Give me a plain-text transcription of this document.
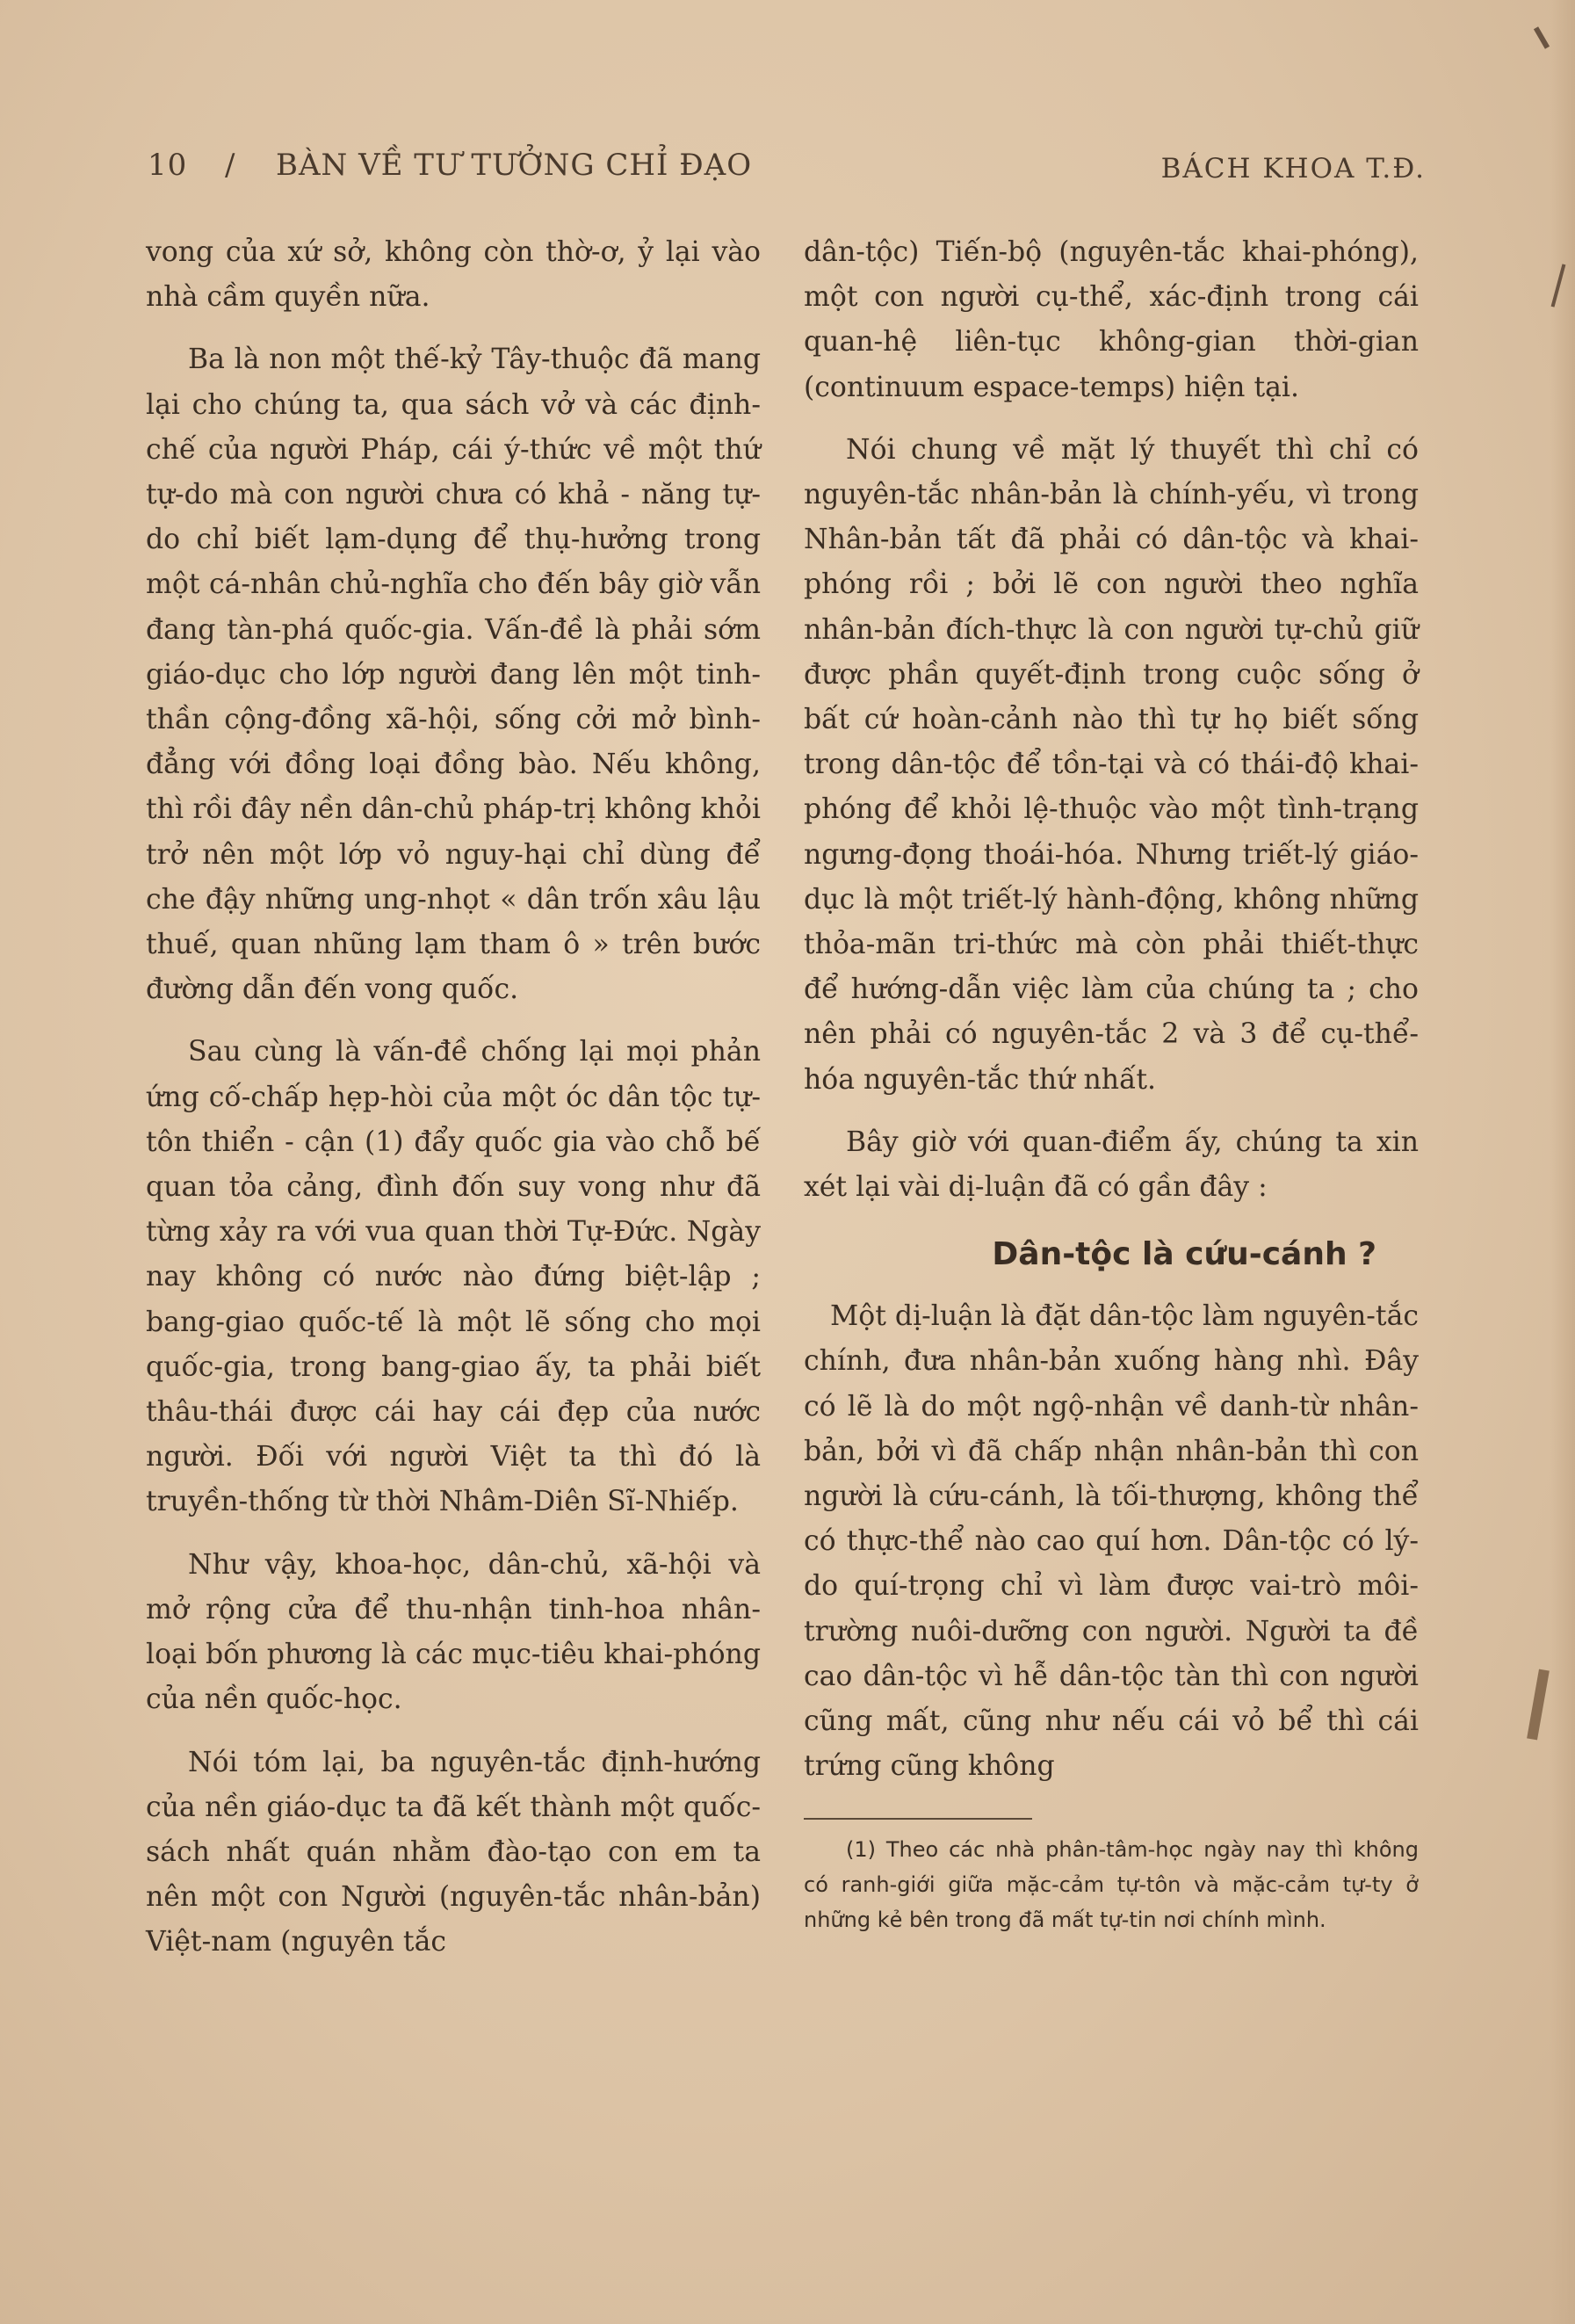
10 / BÀN VỀ TƯ TƯỞNG CHỈ ĐẠO	BÁCH KHOA T.Đ.

vong của xứ sở, không còn thờ-ơ, ỷ lại vào nhà cầm quyền nữa.

Ba là non một thế-kỷ Tây-thuộc đã mang lại cho chúng ta, qua sách vở và các định-chế của người Pháp, cái ý-thức về một thứ tự-do mà con người chưa có khả - năng tự-do chỉ biết lạm-dụng để thụ-hưởng trong một cá-nhân chủ-nghĩa cho đến bây giờ vẫn đang tàn-phá quốc-gia. Vấn-đề là phải sớm giáo-dục cho lớp người đang lên một tinh-thần cộng-đồng xã-hội, sống cởi mở bình-đẳng với đồng loại đồng bào. Nếu không, thì rồi đây nền dân-chủ pháp-trị không khỏi trở nên một lớp vỏ nguy-hại chỉ dùng để che đậy những ung-nhọt « dân trốn xâu lậu thuế, quan nhũng lạm tham ô » trên bước đường dẫn đến vong quốc.

Sau cùng là vấn-đề chống lại mọi phản ứng cố-chấp hẹp-hòi của một óc dân tộc tự-tôn thiển - cận (1) đẩy quốc gia vào chỗ bế quan tỏa cảng, đình đốn suy vong như đã từng xảy ra với vua quan thời Tự-Đức. Ngày nay không có nước nào đứng biệt-lập ; bang-giao quốc-tế là một lẽ sống cho mọi quốc-gia, trong bang-giao ấy, ta phải biết thâu-thái được cái hay cái đẹp của nước người. Đối với người Việt ta thì đó là truyền-thống từ thời Nhâm-Diên Sĩ-Nhiếp.

Như vậy, khoa-học, dân-chủ, xã-hội và mở rộng cửa để thu-nhận tinh-hoa nhân-loại bốn phương là các mục-tiêu khai-phóng của nền quốc-học.

Nói tóm lại, ba nguyên-tắc định-hướng của nền giáo-dục ta đã kết thành một quốc-sách nhất quán nhằm đào-tạo con em ta nên một con Người (nguyên-tắc nhân-bản) Việt-nam (nguyên tắc

dân-tộc) Tiến-bộ (nguyên-tắc khai-phóng), một con người cụ-thể, xác-định trong cái quan-hệ liên-tục không-gian thời-gian (continuum espace-temps) hiện tại.

Nói chung về mặt lý thuyết thì chỉ có nguyên-tắc nhân-bản là chính-yếu, vì trong Nhân-bản tất đã phải có dân-tộc và khai-phóng rồi ; bởi lẽ con người theo nghĩa nhân-bản đích-thực là con người tự-chủ giữ được phần quyết-định trong cuộc sống ở bất cứ hoàn-cảnh nào thì tự họ biết sống trong dân-tộc để tồn-tại và có thái-độ khai-phóng để khỏi lệ-thuộc vào một tình-trạng ngưng-đọng thoái-hóa. Nhưng triết-lý giáo-dục là một triết-lý hành-động, không những thỏa-mãn tri-thức mà còn phải thiết-thực để hướng-dẫn việc làm của chúng ta ; cho nên phải có nguyên-tắc 2 và 3 để cụ-thể-hóa nguyên-tắc thứ nhất.

Bây giờ với quan-điểm ấy, chúng ta xin xét lại vài dị-luận đã có gần đây :

Dân-tộc là cứu-cánh ?

Một dị-luận là đặt dân-tộc làm nguyên-tắc chính, đưa nhân-bản xuống hàng nhì. Đây có lẽ là do một ngộ-nhận về danh-từ nhân-bản, bởi vì đã chấp nhận nhân-bản thì con người là cứu-cánh, là tối-thượng, không thể có thực-thể nào cao quí hơn. Dân-tộc có lý-do quí-trọng chỉ vì làm được vai-trò môi-trường nuôi-dưỡng con người. Người ta đề cao dân-tộc vì hễ dân-tộc tàn thì con người cũng mất, cũng như nếu cái vỏ bể thì cái trứng cũng không

(1) Theo các nhà phân-tâm-học ngày nay thì không có ranh-giới giữa mặc-cảm tự-tôn và mặc-cảm tự-ty ở những kẻ bên trong đã mất tự-tin nơi chính mình.
